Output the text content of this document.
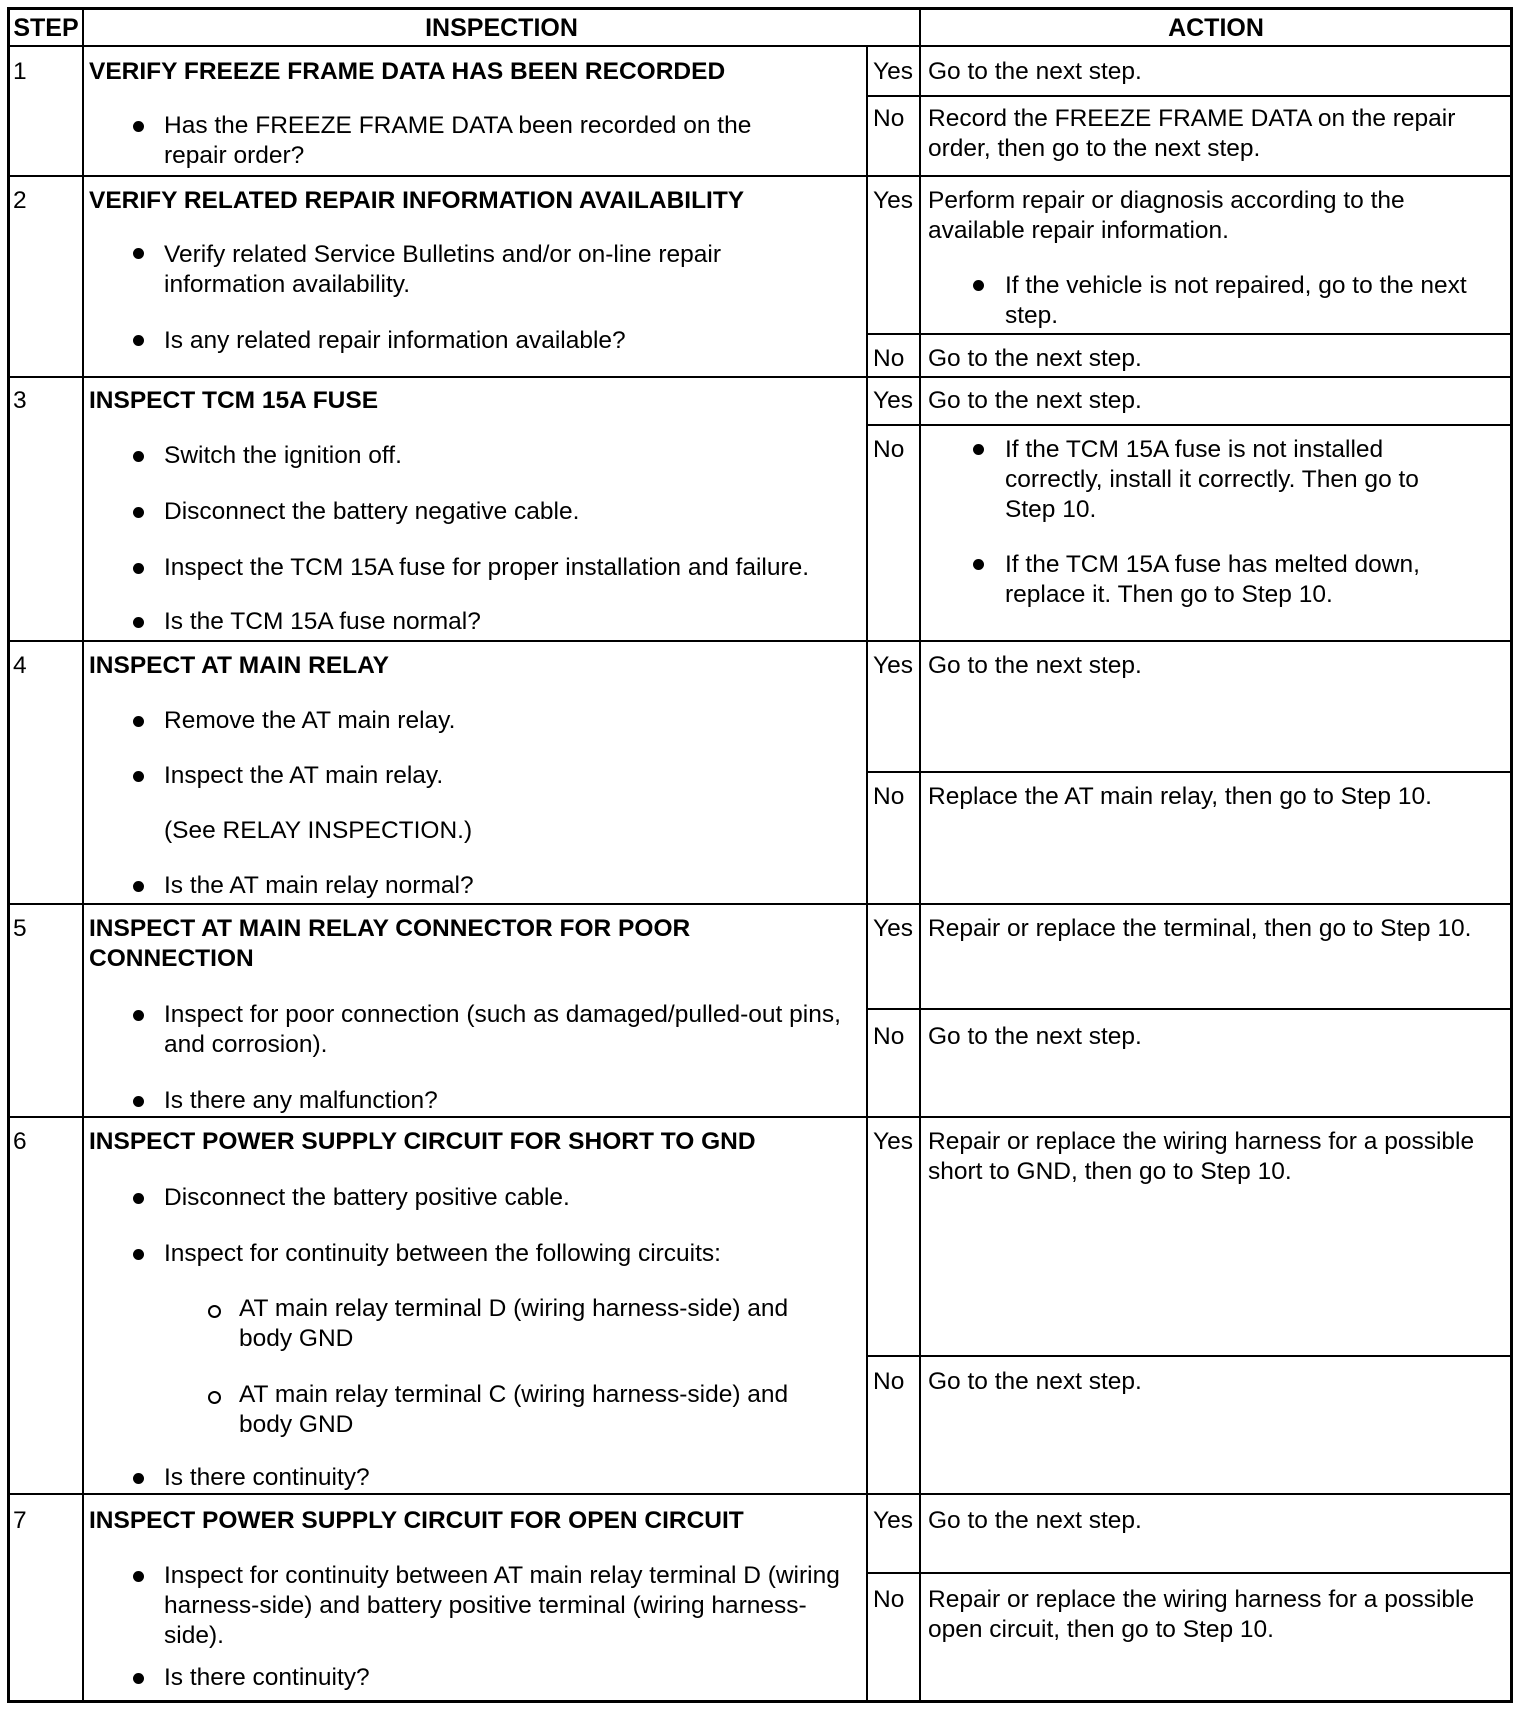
STEP	INSPECTION	ACTION
1	VERIFY FREEZE FRAME DATA HAS BEEN RECORDED
Has the FREEZE FRAME DATA been recorded on the repair order?
Yes Go to the next step.
No Record the FREEZE FRAME DATA on the repair order, then go to the next step.
2	VERIFY RELATED REPAIR INFORMATION AVAILABILITY
Verify related Service Bulletins and/or on-line repair information availability.
Is any related repair information available?
Yes Perform repair or diagnosis according to the available repair information.
If the vehicle is not repaired, go to the next step.
No Go to the next step.
3	INSPECT TCM 15A FUSE
Switch the ignition off.
Disconnect the battery negative cable.
Inspect the TCM 15A fuse for proper installation and failure.
Is the TCM 15A fuse normal?
Yes Go to the next step.
No	If the TCM 15A fuse is not installed correctly, install it correctly. Then go to Step 10.
If the TCM 15A fuse has melted down, replace it. Then go to Step 10.
4	INSPECT AT MAIN RELAY
Remove the AT main relay.
Inspect the AT main relay.
(See RELAY INSPECTION.)
Is the AT main relay normal?
Yes Go to the next step.
No Replace the AT main relay, then go to Step 10.
5	INSPECT AT MAIN RELAY CONNECTOR FOR POOR CONNECTION
Inspect for poor connection (such as damaged/pulled-out pins, and corrosion).
Is there any malfunction?
Yes Repair or replace the terminal, then go to Step 10.
No Go to the next step.
6	INSPECT POWER SUPPLY CIRCUIT FOR SHORT TO GND
Disconnect the battery positive cable.
Inspect for continuity between the following circuits:
AT main relay terminal D (wiring harness-side) and body GND
AT main relay terminal C (wiring harness-side) and body GND
Is there continuity?
Yes Repair or replace the wiring harness for a possible short to GND, then go to Step 10.
No Go to the next step.
7	INSPECT POWER SUPPLY CIRCUIT FOR OPEN CIRCUIT
Inspect for continuity between AT main relay terminal D (wiring harness-side) and battery positive terminal (wiring harness-side).
Is there continuity?
Yes Go to the next step.
No Repair or replace the wiring harness for a possible open circuit, then go to Step 10.
